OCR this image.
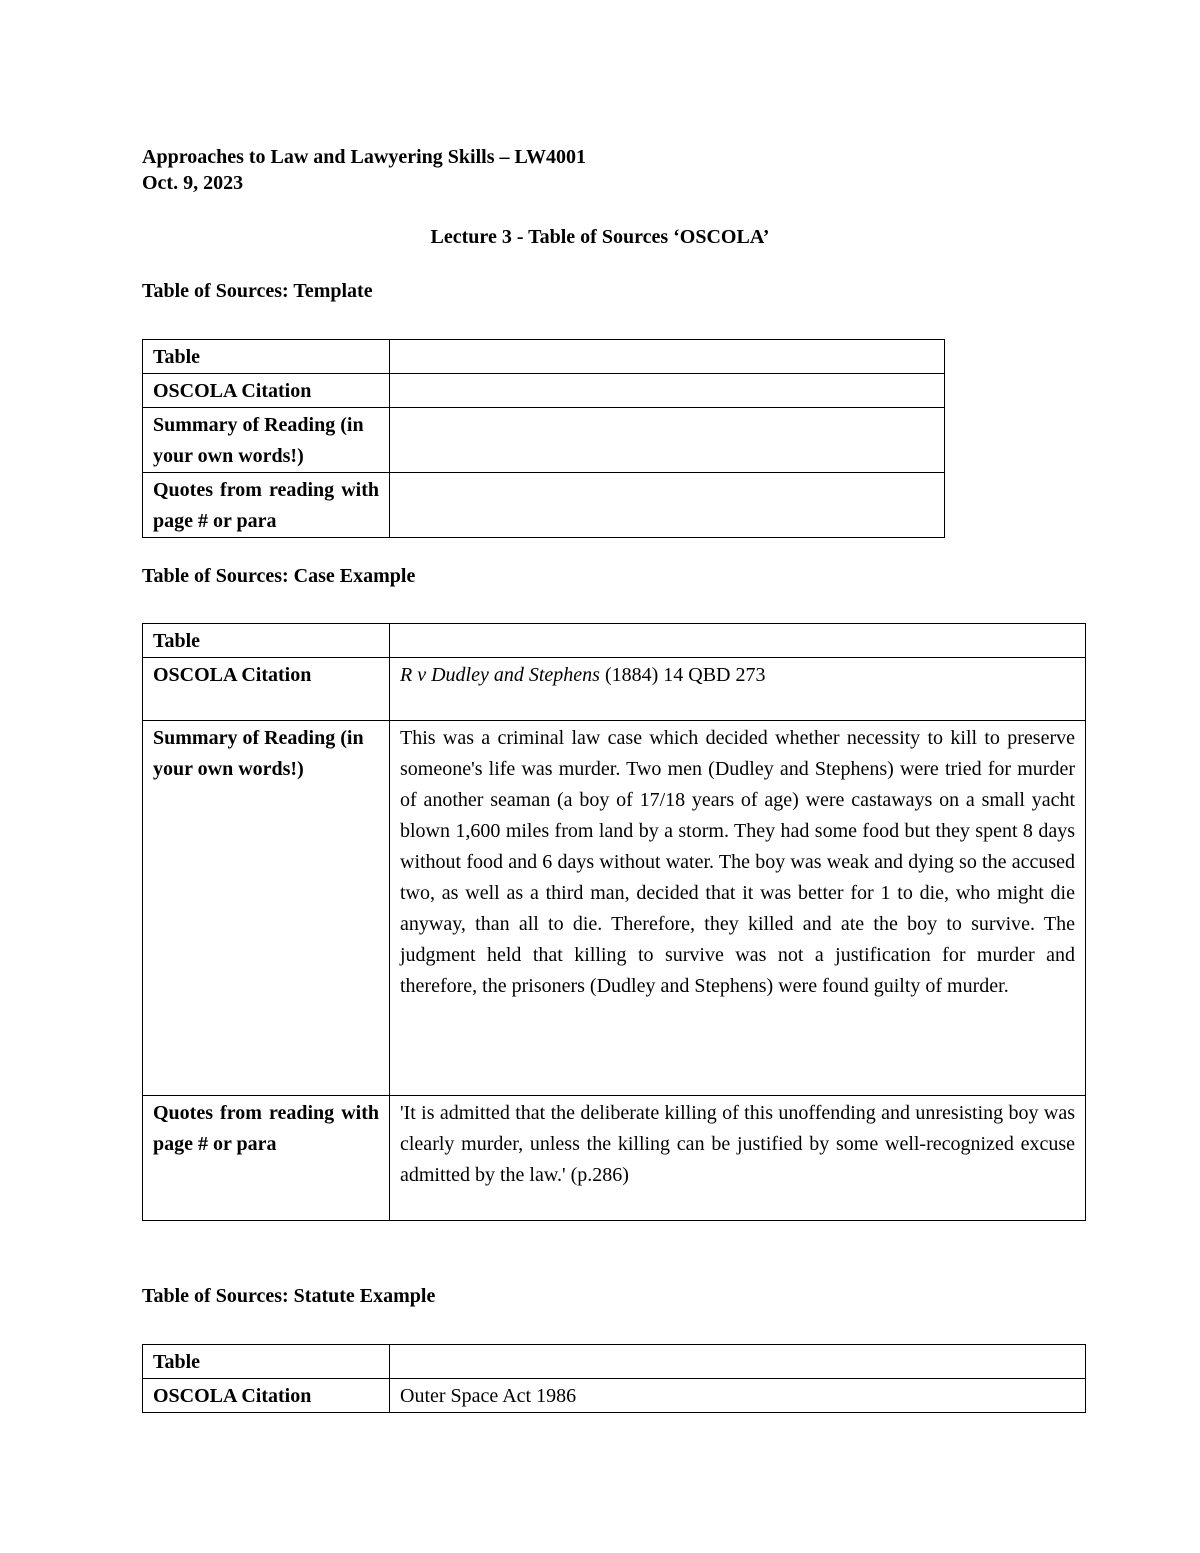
Approaches to Law and Lawyering Skills – LW4001
Oct. 9, 2023
Lecture 3 - Table of Sources ‘OSCOLA’
Table of Sources: Template
Table	
OSCOLA Citation	
Summary of Reading (in your own words!)	
Quotes from reading with page # or para	
Table of Sources: Case Example
Table	
OSCOLA Citation	R v Dudley and Stephens (1884) 14 QBD 273
Summary of Reading (in your own words!)	This was a criminal law case which decided whether necessity to kill to preserve someone's life was murder. Two men (Dudley and Stephens) were tried for murder of another seaman (a boy of 17/18 years of age) were castaways on a small yacht blown 1,600 miles from land by a storm. They had some food but they spent 8 days without food and 6 days without water. The boy was weak and dying so the accused two, as well as a third man, decided that it was better for 1 to die, who might die anyway, than all to die. Therefore, they killed and ate the boy to survive. The judgment held that killing to survive was not a justification for murder and therefore, the prisoners (Dudley and Stephens) were found guilty of murder.
Quotes from reading with page # or para	'It is admitted that the deliberate killing of this unoffending and unresisting boy was clearly murder, unless the killing can be justified by some well-recognized excuse admitted by the law.' (p.286)
Table of Sources: Statute Example
Table	
OSCOLA Citation	Outer Space Act 1986
